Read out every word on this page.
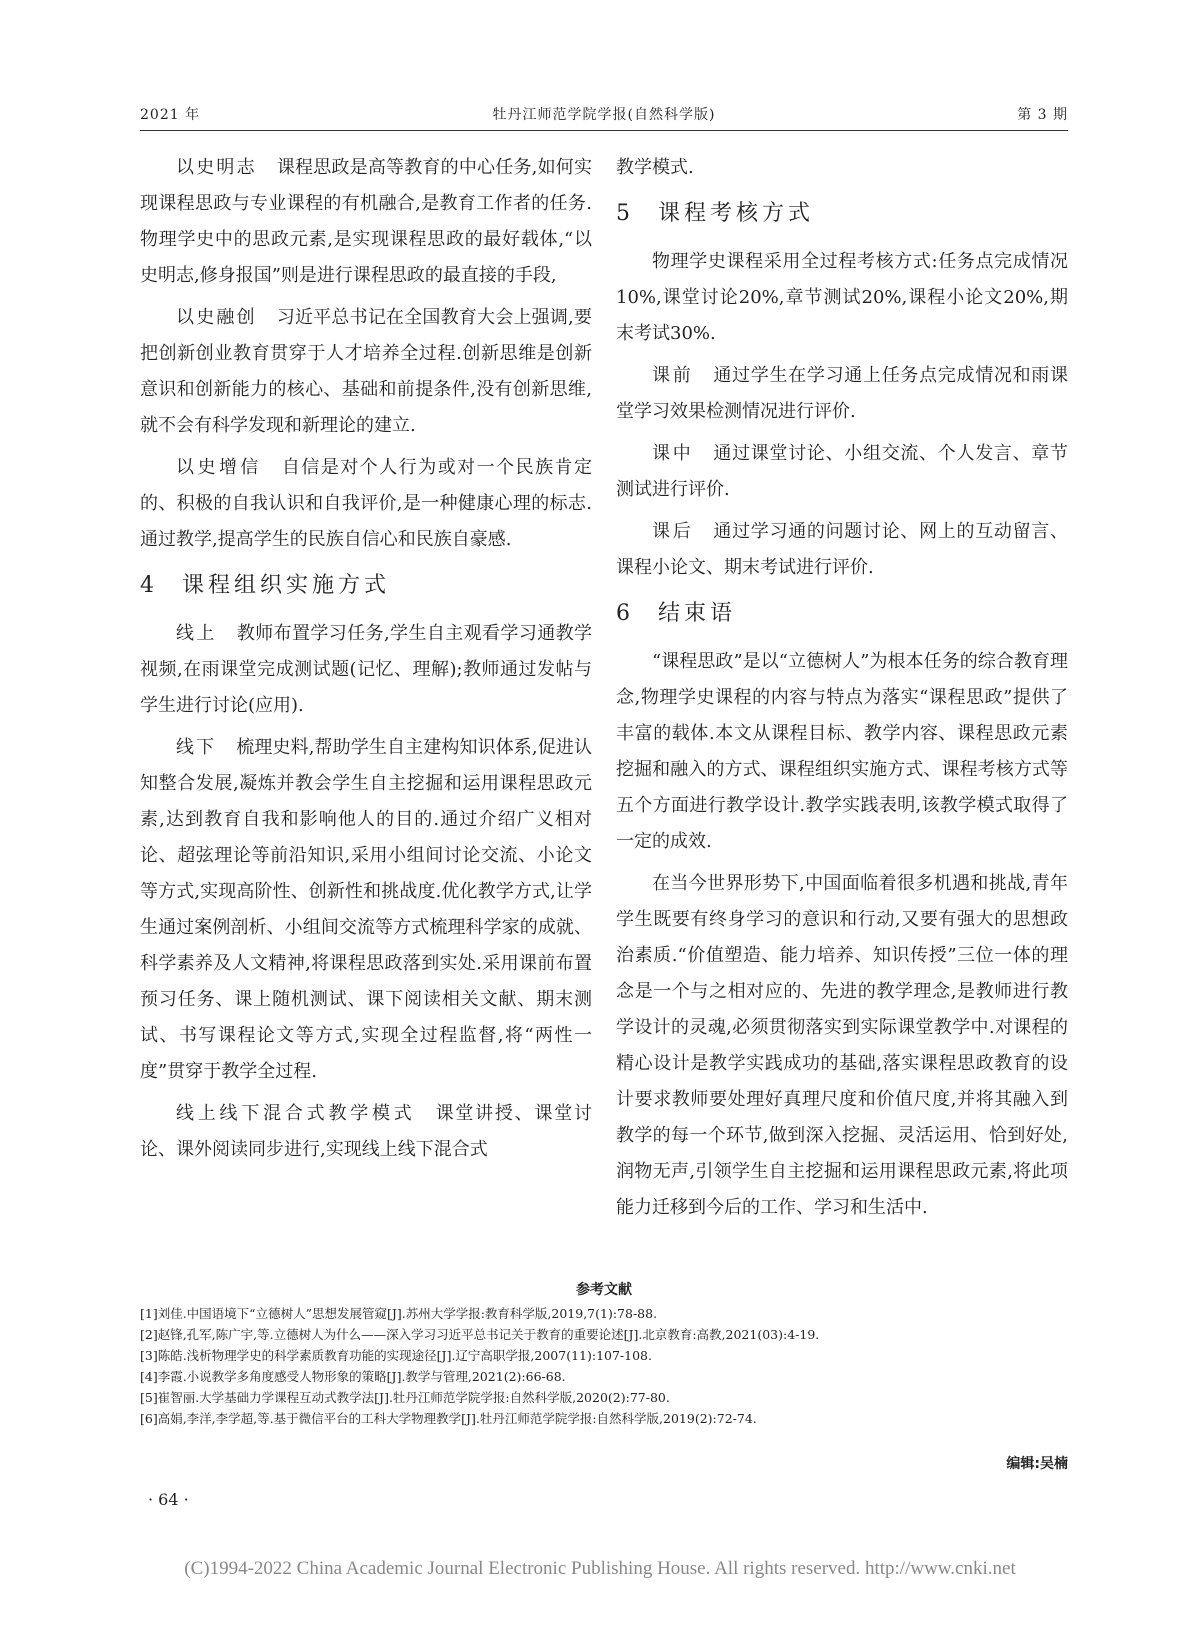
2021 年	牡丹江师范学院学报(自然科学版)	第 3 期

以史明志 课程思政是高等教育的中心任务,如何实现课程思政与专业课程的有机融合,是教育工作者的任务.物理学史中的思政元素,是实现课程思政的最好载体,“以史明志,修身报国”则是进行课程思政的最直接的手段,

以史融创 习近平总书记在全国教育大会上强调,要把创新创业教育贯穿于人才培养全过程.创新思维是创新意识和创新能力的核心、基础和前提条件,没有创新思维,就不会有科学发现和新理论的建立.

以史增信 自信是对个人行为或对一个民族肯定的、积极的自我认识和自我评价,是一种健康心理的标志.通过教学,提高学生的民族自信心和民族自豪感.

4 课程组织实施方式

线上 教师布置学习任务,学生自主观看学习通教学视频,在雨课堂完成测试题(记忆、理解);教师通过发帖与学生进行讨论(应用).

线下 梳理史料,帮助学生自主建构知识体系,促进认知整合发展,凝炼并教会学生自主挖掘和运用课程思政元素,达到教育自我和影响他人的目的.通过介绍广义相对论、超弦理论等前沿知识,采用小组间讨论交流、小论文等方式,实现高阶性、创新性和挑战度.优化教学方式,让学生通过案例剖析、小组间交流等方式梳理科学家的成就、科学素养及人文精神,将课程思政落到实处.采用课前布置预习任务、课上随机测试、课下阅读相关文献、期末测试、书写课程论文等方式,实现全过程监督,将“两性一度”贯穿于教学全过程.

线上线下混合式教学模式 课堂讲授、课堂讨论、课外阅读同步进行,实现线上线下混合式

教学模式.

5 课程考核方式

物理学史课程采用全过程考核方式:任务点完成情况10%,课堂讨论20%,章节测试20%,课程小论文20%,期末考试30%.

课前 通过学生在学习通上任务点完成情况和雨课堂学习效果检测情况进行评价.

课中 通过课堂讨论、小组交流、个人发言、章节测试进行评价.

课后 通过学习通的问题讨论、网上的互动留言、课程小论文、期末考试进行评价.

6 结束语

“课程思政”是以“立德树人”为根本任务的综合教育理念,物理学史课程的内容与特点为落实“课程思政”提供了丰富的载体.本文从课程目标、教学内容、课程思政元素挖掘和融入的方式、课程组织实施方式、课程考核方式等五个方面进行教学设计.教学实践表明,该教学模式取得了一定的成效.

在当今世界形势下,中国面临着很多机遇和挑战,青年学生既要有终身学习的意识和行动,又要有强大的思想政治素质.“价值塑造、能力培养、知识传授”三位一体的理念是一个与之相对应的、先进的教学理念,是教师进行教学设计的灵魂,必须贯彻落实到实际课堂教学中.对课程的精心设计是教学实践成功的基础,落实课程思政教育的设计要求教师要处理好真理尺度和价值尺度,并将其融入到教学的每一个环节,做到深入挖掘、灵活运用、恰到好处,润物无声,引领学生自主挖掘和运用课程思政元素,将此项能力迁移到今后的工作、学习和生活中.

参考文献
[1]刘佳.中国语境下“立德树人”思想发展管窥[J].苏州大学学报:教育科学版,2019,7(1):78-88.
[2]赵锋,孔军,陈广宇,等.立德树人为什么——深入学习习近平总书记关于教育的重要论述[J].北京教育:高教,2021(03):4-19.
[3]陈皓.浅析物理学史的科学素质教育功能的实现途径[J].辽宁高职学报,2007(11):107-108.
[4]李霞.小说教学多角度感受人物形象的策略[J].教学与管理,2021(2):66-68.
[5]崔智丽.大学基础力学课程互动式教学法[J].牡丹江师范学院学报:自然科学版,2020(2):77-80.
[6]高娟,李洋,李学超,等.基于微信平台的工科大学物理教学[J].牡丹江师范学院学报:自然科学版,2019(2):72-74.
编辑:吴楠
· 64 ·
(C)1994-2022 China Academic Journal Electronic Publishing House. All rights reserved. http://www.cnki.net
